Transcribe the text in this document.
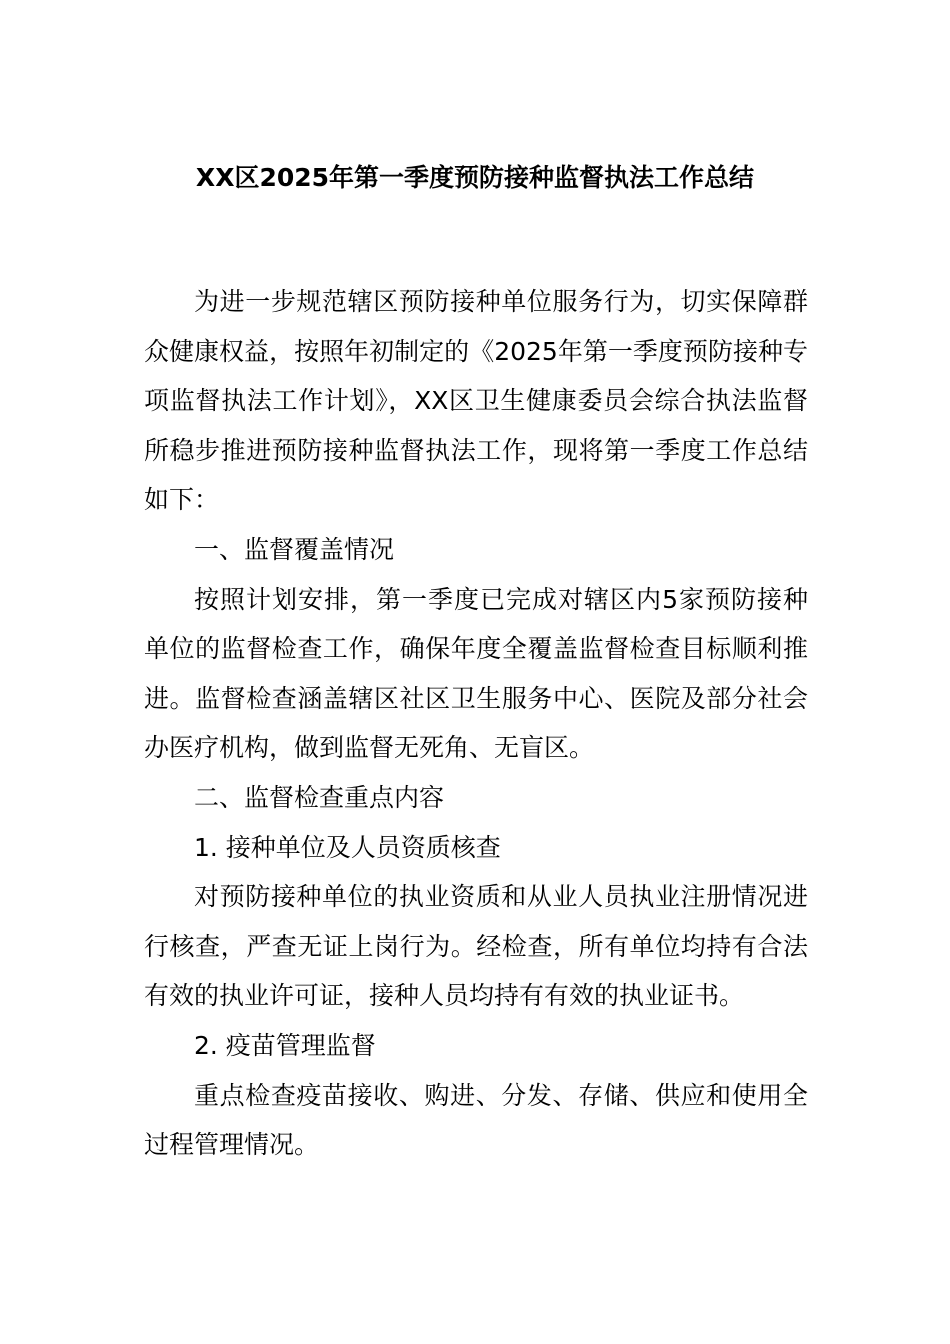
XX区2025年第一季度预防接种监督执法工作总结

为进一步规范辖区预防接种单位服务行为，切实保障群众健康权益，按照年初制定的《2025年第一季度预防接种专项监督执法工作计划》，XX区卫生健康委员会综合执法监督所稳步推进预防接种监督执法工作，现将第一季度工作总结如下：

一、监督覆盖情况

按照计划安排，第一季度已完成对辖区内5家预防接种单位的监督检查工作，确保年度全覆盖监督检查目标顺利推进。监督检查涵盖辖区社区卫生服务中心、医院及部分社会办医疗机构，做到监督无死角、无盲区。

二、监督检查重点内容

1. 接种单位及人员资质核查

对预防接种单位的执业资质和从业人员执业注册情况进行核查，严查无证上岗行为。经检查，所有单位均持有合法有效的执业许可证，接种人员均持有有效的执业证书。

2. 疫苗管理监督

重点检查疫苗接收、购进、分发、存储、供应和使用全过程管理情况。
